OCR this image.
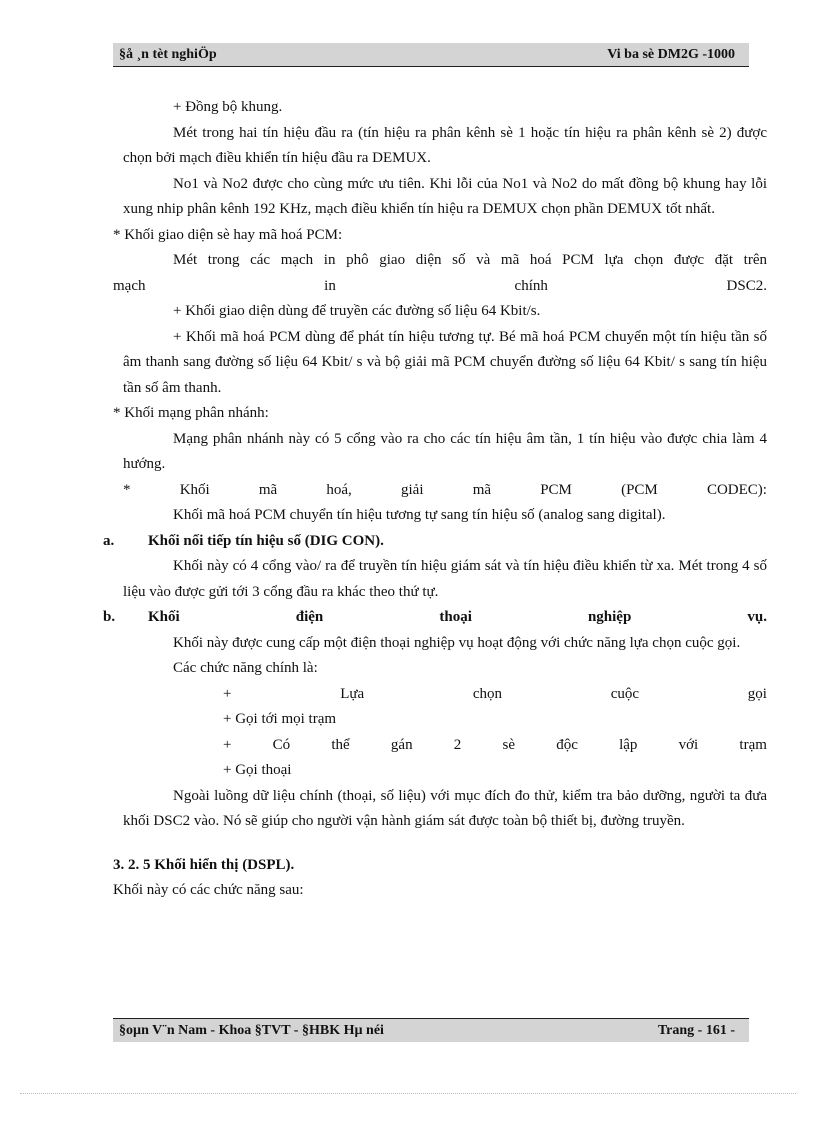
§å ¸n tèt nghiÖp	Vi ba sè DM2G -1000

+ Đồng bộ khung.

Mét trong hai tín hiệu đầu ra (tín hiệu ra phân kênh sè 1 hoặc tín hiệu ra phân kênh sè 2) được chọn bởi mạch điều khiển tín hiệu đầu ra DEMUX.

No1 và No2 được cho cùng mức ưu tiên. Khi lỗi của No1 và No2 do mất đồng bộ khung hay lỗi xung nhip phân kênh 192 KHz, mạch điều khiển tín hiệu ra DEMUX chọn phần DEMUX tốt nhất.

* Khối giao diện sè hay mã hoá PCM:

Mét trong các mạch in phô giao diện số và mã hoá PCM lựa chọn được đặt trên

mạch	in	chính	DSC2.

+ Khối giao diện dùng để truyền các đường số liệu 64 Kbit/s.

+ Khối mã hoá PCM dùng để phát tín hiệu tương tự. Bé mã hoá PCM chuyển một tín hiệu tần số âm thanh sang đường số liệu 64 Kbit/ s và bộ giải mã PCM chuyển đường số liệu 64 Kbit/ s sang tín hiệu tần số âm thanh.

* Khối mạng phân nhánh:

Mạng phân nhánh này có 5 cổng vào ra cho các tín hiệu âm tần, 1 tín hiệu vào được chia làm 4 hướng.

*	Khối	mã	hoá,	giải	mã	PCM	(PCM	CODEC):

Khối mã hoá PCM chuyển tín hiệu tương tự sang tín hiệu số (analog sang digital).

a. Khối nối tiếp tín hiệu số (DIG CON).

Khối này có 4 cổng vào/ ra để truyền tín hiệu giám sát và tín hiệu điều khiển từ xa. Mét trong 4 số liệu vào được gửi tới 3 cổng đầu ra khác theo thứ tự.

b. Khối	điện	thoại	nghiệp	vụ.

Khối này được cung cấp một điện thoại nghiệp vụ hoạt động với chức năng lựa chọn cuộc gọi.

Các chức năng chính là:

+	Lựa	chọn	cuộc	gọi

+ Gọi tới mọi trạm

+	Có	thể	gán	2	sè	độc	lập	với	trạm

+ Gọi thoại

Ngoài luồng dữ liệu chính (thoại, số liệu) với mục đích đo thử, kiểm tra bảo dưỡng, người ta đưa khối DSC2 vào. Nó sẽ giúp cho người vận hành giám sát được toàn bộ thiết bị, đường truyền.

3. 2. 5 Khối hiển thị (DSPL).

Khối này có các chức năng sau:

§oµn V¨n Nam - Khoa §TVT - §HBK Hµ néi	Trang - 161 -
